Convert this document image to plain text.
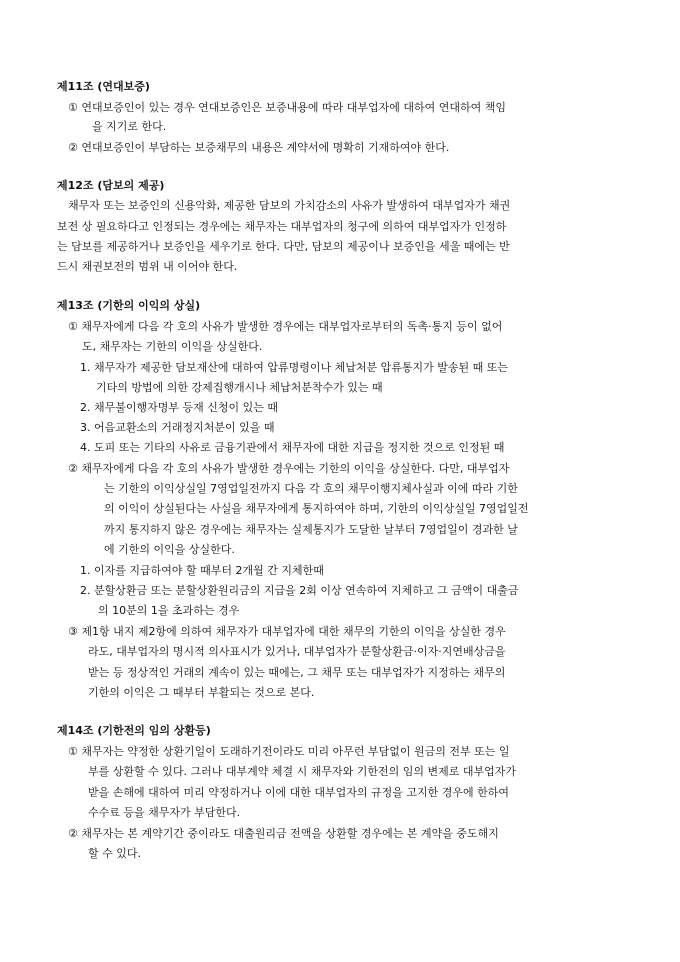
제11조 (연대보증)
① 연대보증인이 있는 경우 연대보증인은 보증내용에 따라 대부업자에 대하여 연대하여 책임
을 지기로 한다.
② 연대보증인이 부담하는 보증채무의 내용은 계약서에 명확히 기재하여야 한다.
제12조 (담보의 제공)
채무자 또는 보증인의 신용악화, 제공한 담보의 가치감소의 사유가 발생하여 대부업자가 채권
보전 상 필요하다고 인정되는 경우에는 채무자는 대부업자의 청구에 의하여 대부업자가 인정하
는 담보를 제공하거나 보증인을 세우기로 한다. 다만, 담보의 제공이나 보증인을 세울 때에는 반
드시 채권보전의 범위 내 이어야 한다.
제13조 (기한의 이익의 상실)
① 채무자에게 다음 각 호의 사유가 발생한 경우에는 대부업자로부터의 독촉·통지 등이 없어
도, 채무자는 기한의 이익을 상실한다.
1. 채무자가 제공한 담보재산에 대하여 압류명령이나 체납처분 압류통지가 발송된 때 또는
기타의 방법에 의한 강제집행개시나 체납처분착수가 있는 때
2. 채무불이행자명부 등재 신청이 있는 때
3. 어음교환소의 거래정지처분이 있을 때
4. 도피 또는 기타의 사유로 금융기관에서 채무자에 대한 지급을 정지한 것으로 인정된 때
② 채무자에게 다음 각 호의 사유가 발생한 경우에는 기한의 이익을 상실한다. 다만, 대부업자
는 기한의 이익상실일 7영업일전까지 다음 각 호의 채무이행지체사실과 이에 따라 기한
의 이익이 상실된다는 사실을 채무자에게 통지하여야 하며, 기한의 이익상실일 7영업일전
까지 통지하지 않은 경우에는 채무자는 실제통지가 도달한 날부터 7영업일이 경과한 날
에 기한의 이익을 상실한다.
1. 이자를 지급하여야 할 때부터 2개월 간 지체한때
2. 분할상환금 또는 분할상환원리금의 지급을 2회 이상 연속하여 지체하고 그 금액이 대출금
의 10분의 1을 초과하는 경우
③ 제1항 내지 제2항에 의하여 채무자가 대부업자에 대한 채무의 기한의 이익을 상실한 경우
라도, 대부업자의 명시적 의사표시가 있거나, 대부업자가 분할상환금·이자·지연배상금을
받는 등 정상적인 거래의 계속이 있는 때에는, 그 채무 또는 대부업자가 지정하는 채무의
기한의 이익은 그 때부터 부활되는 것으로 본다.
제14조 (기한전의 임의 상환등)
① 채무자는 약정한 상환기일이 도래하기전이라도 미리 아무런 부담없이 원금의 전부 또는 일
부를 상환할 수 있다. 그러나 대부계약 체결 시 채무자와 기한전의 임의 변제로 대부업자가
받을 손해에 대하여 미리 약정하거나 이에 대한 대부업자의 규정을 고지한 경우에 한하여
수수료 등을 채무자가 부담한다.
② 채무자는 본 계약기간 중이라도 대출원리금 전액을 상환할 경우에는 본 계약을 중도해지
할 수 있다.
